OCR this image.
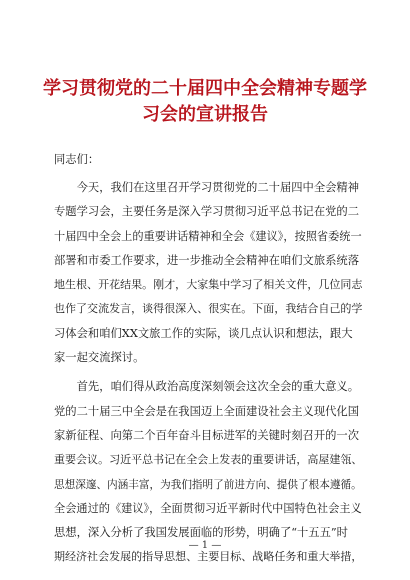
学习贯彻党的二十届四中全会精神专题学
习会的宣讲报告
同志们：
　　今天，我们在这里召开学习贯彻党的二十届四中全会精神
专题学习会，主要任务是深入学习贯彻习近平总书记在党的二
十届四中全会上的重要讲话精神和全会《建议》，按照省委统一
部署和市委工作要求，进一步推动全会精神在咱们文旅系统落
地生根、开花结果。刚才，大家集中学习了相关文件，几位同志
也作了交流发言，谈得很深入、很实在。下面，我结合自己的学
习体会和咱们XX文旅工作的实际，谈几点认识和想法，跟大
家一起交流探讨。
　　首先，咱们得从政治高度深刻领会这次全会的重大意义。
党的二十届三中全会是在我国迈上全面建设社会主义现代化国
家新征程、向第二个百年奋斗目标进军的关键时刻召开的一次
重要会议。习近平总书记在全会上发表的重要讲话，高屋建瓴、
思想深邃、内涵丰富，为我们指明了前进方向、提供了根本遵循。
全会通过的《建议》，全面贯彻习近平新时代中国特色社会主义
思想，深入分析了我国发展面临的形势，明确了“十五五”时
期经济社会发展的指导思想、主要目标、战略任务和重大举措，
— 1 —
